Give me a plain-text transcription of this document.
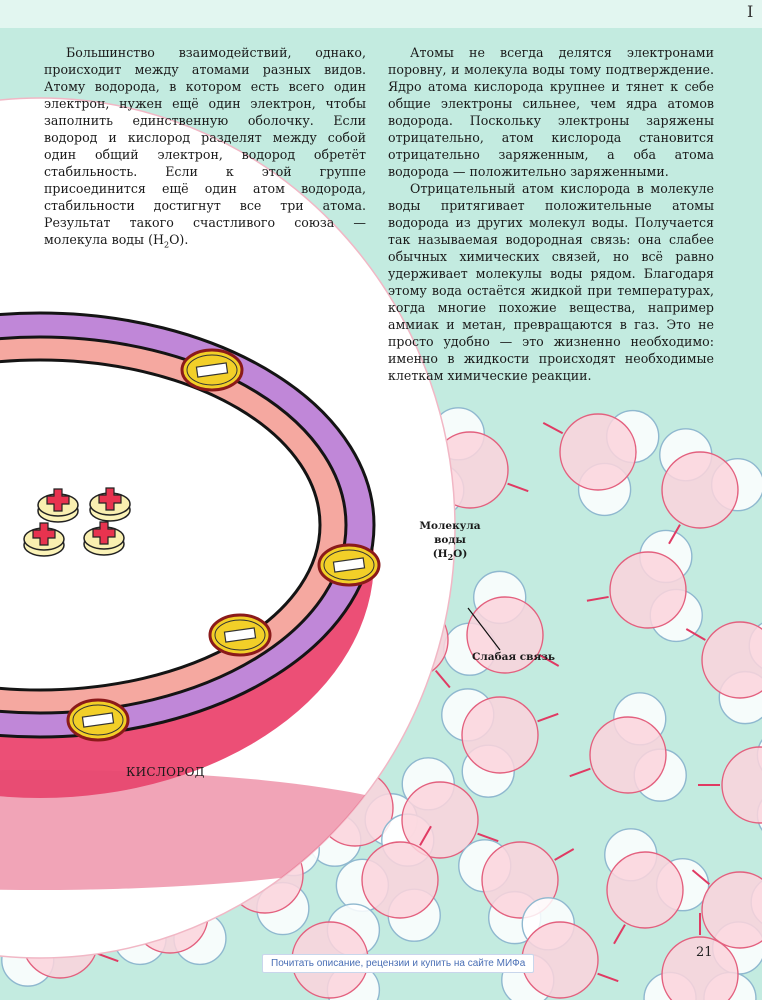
Большинство взаимодействий, однако, происходит между атомами разных видов. Атому водорода, в котором есть всего один электрон, нужен ещё один электрон, чтобы заполнить единственную оболочку. Если водород и кислород разделят между собой один общий электрон, водород обретёт стабильность. Если к этой группе присоединится ещё один атом водорода, стабильности достигнут все три атома. Результат такого счастливого союза — молекула воды $(H_2O)$.

Атомы не всегда делятся электронами поровну, и молекула воды тому подтверждение. Ядро атома кислорода крупнее и тянет к себе общие электроны сильнее, чем ядра атомов водорода. Поскольку электроны заряжены отрицательно, атом кислорода становится отрицательно заряженным, а оба атома водорода — положительно заряженными.

Отрицательный атом кислорода в молекуле воды притягивает положительные атомы водорода из других молекул воды. Получается так называемая водородная связь: она слабее обычных химических связей, но всё равно удерживает молекулы воды рядом. Благодаря этому вода остаётся жидкой при температурах, когда многие похожие вещества, например аммиак и метан, превращаются в газ. Это не просто удобно — это жизненно необходимо: именно в жидкости происходят необходимые клеткам химические реакции.

Молекула воды
$(H_2O)$
Слабая связь
КИСЛОРОД
I
21
Почитать описание, рецензии и купить на сайте МИФа
